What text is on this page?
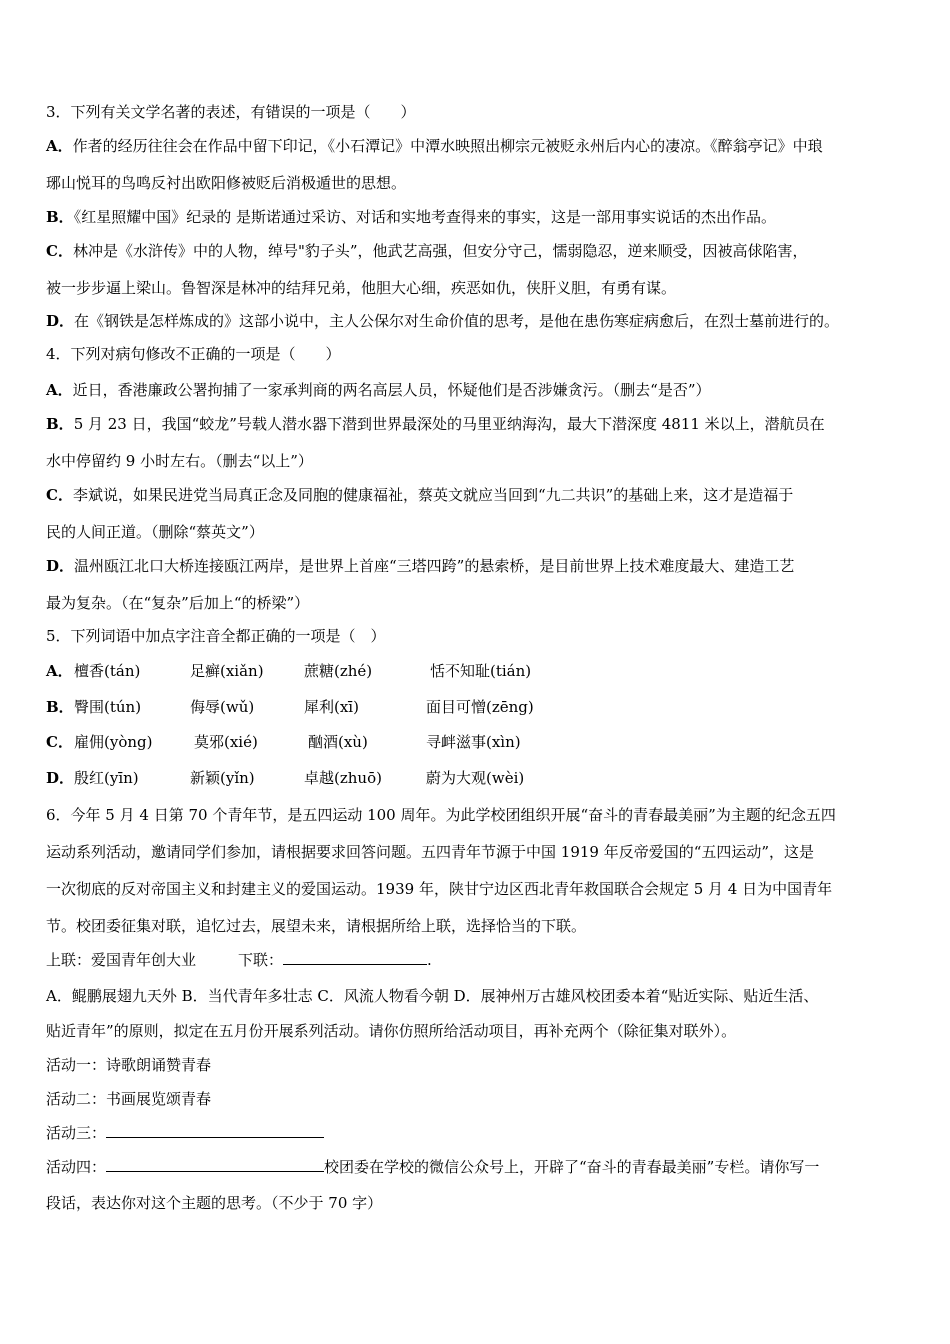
3．下列有关文学名著的表述，有错误的一项是（　　）
A．作者的经历往往会在作品中留下印记，《小石潭记》中潭水映照出柳宗元被贬永州后内心的凄凉。《醉翁亭记》中琅
琊山悦耳的鸟鸣反衬出欧阳修被贬后消极遁世的思想。
B．《红星照耀中国》纪录的 是斯诺通过采访、对话和实地考查得来的事实，这是一部用事实说话的杰出作品。
C．林冲是《水浒传》中的人物，绰号"豹子头”，他武艺高强，但安分守己，懦弱隐忍，逆来顺受，因被高俅陷害，
被一步步逼上梁山。鲁智深是林冲的结拜兄弟，他胆大心细，疾恶如仇，侠肝义胆，有勇有谋。
D．在《钢铁是怎样炼成的》这部小说中，主人公保尔对生命价值的思考，是他在患伤寒症病愈后，在烈士墓前进行的。
4．下列对病句修改不正确的一项是（　　）
A．近日，香港廉政公署拘捕了一家承判商的两名高层人员，怀疑他们是否涉嫌贪污。（删去“是否”）
B．5 月 23 日，我国“蛟龙”号载人潜水器下潜到世界最深处的马里亚纳海沟，最大下潜深度 4811 米以上，潜航员在
水中停留约 9 小时左右。（删去“以上”）
C．李斌说，如果民进党当局真正念及同胞的健康福祉，蔡英文就应当回到“九二共识”的基础上来，这才是造福于
民的人间正道。（删除“蔡英文”）
D．温州瓯江北口大桥连接瓯江两岸，是世界上首座“三塔四跨”的悬索桥，是目前世界上技术难度最大、建造工艺
最为复杂。（在“复杂”后加上“的桥梁”）
5．下列词语中加点字注音全都正确的一项是（　）
A． 檀香(tán)	足癣(xiǎn)	蔗糖(zhé)	恬不知耻(tián)
B． 臀围(tún)	侮辱(wǔ)	犀利(xī)	面目可憎(zēng)
C． 雇佣(yòng)	莫邪(xié)	酗酒(xù)	寻衅滋事(xìn)
D． 殷红(yīn)	新颖(yǐn)	卓越(zhuō)	蔚为大观(wèi)
6．今年 5 月 4 日第 70 个青年节，是五四运动 100 周年。为此学校团组织开展“奋斗的青春最美丽”为主题的纪念五四
运动系列活动，邀请同学们参加，请根据要求回答问题。五四青年节源于中国 1919 年反帝爱国的“五四运动”，这是
一次彻底的反对帝国主义和封建主义的爱国运动。1939 年，陕甘宁边区西北青年救国联合会规定 5 月 4 日为中国青年
节。校团委征集对联，追忆过去，展望未来，请根据所给上联，选择恰当的下联。
上联：爱国青年创大业	下联：	.
A．鲲鹏展翅九天外 B．当代青年多壮志 C．风流人物看今朝 D．展神州万古雄风校团委本着“贴近实际、贴近生活、
贴近青年”的原则，拟定在五月份开展系列活动。请你仿照所给活动项目，再补充两个（除征集对联外）。
活动一：诗歌朗诵赞青春
活动二：书画展览颂青春
活动三：
活动四：	校团委在学校的微信公众号上，开辟了“奋斗的青春最美丽”专栏。请你写一
段话，表达你对这个主题的思考。（不少于 70 字）
